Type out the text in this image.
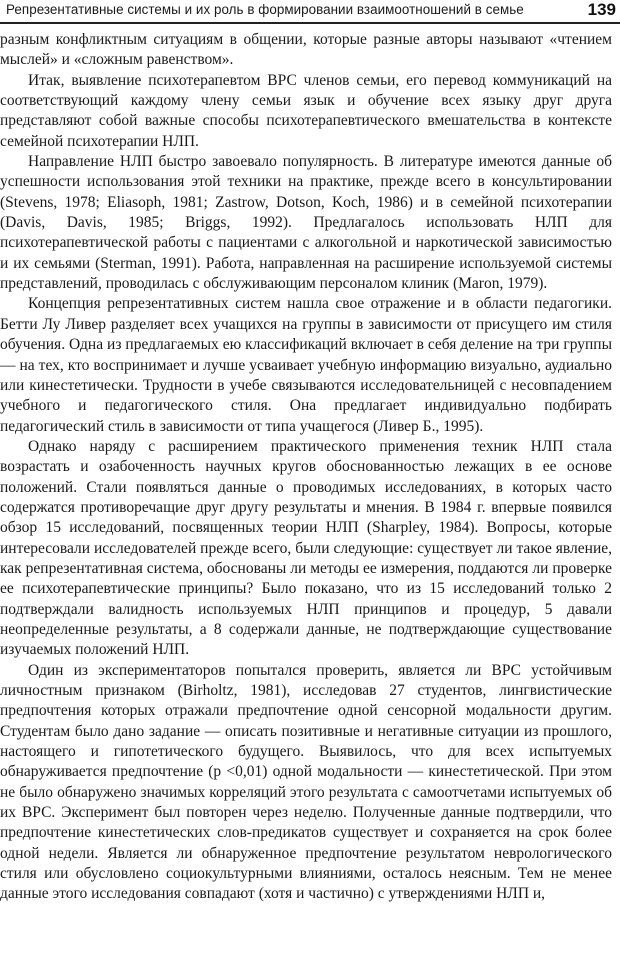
Репрезентативные системы и их роль в формировании взаимоотношений в семье	139

разным конфликтным ситуациям в общении, которые разные авторы называют «чтением мыслей» и «сложным равенством».

Итак, выявление психотерапевтом ВРС членов семьи, его перевод коммуникаций на соответствующий каждому члену семьи язык и обучение всех языку друг друга представляют собой важные способы психотерапевтического вмешательства в контексте семейной психотерапии НЛП.

Направление НЛП быстро завоевало популярность. В литературе имеются данные об успешности использования этой техники на практике, прежде всего в консультировании (Stevens, 1978; Eliasoph, 1981; Zastrow, Dotson, Koch, 1986) и в семейной психотерапии (Davis, Davis, 1985; Briggs, 1992). Предлагалось использовать НЛП для психотерапевтической работы с пациентами с алкогольной и наркотической зависимостью и их семьями (Sterman, 1991). Работа, направленная на расширение используемой системы представлений, проводилась с обслуживающим персоналом клиник (Maron, 1979).

Концепция репрезентативных систем нашла свое отражение и в области педагогики. Бетти Лу Ливер разделяет всех учащихся на группы в зависимости от присущего им стиля обучения. Одна из предлагаемых ею классификаций включает в себя деление на три группы — на тех, кто воспринимает и лучше усваивает учебную информацию визуально, аудиально или кинестетически. Трудности в учебе связываются исследовательницей с несовпадением учебного и педагогического стиля. Она предлагает индивидуально подбирать педагогический стиль в зависимости от типа учащегося (Ливер Б., 1995).

Однако наряду с расширением практического применения техник НЛП стала возрастать и озабоченность научных кругов обоснованностью лежащих в ее основе положений. Стали появляться данные о проводимых исследованиях, в которых часто содержатся противоречащие друг другу результаты и мнения. В 1984 г. впервые появился обзор 15 исследований, посвященных теории НЛП (Sharpley, 1984). Вопросы, которые интересовали исследователей прежде всего, были следующие: существует ли такое явление, как репрезентативная система, обоснованы ли методы ее измерения, поддаются ли проверке ее психотерапевтические принципы? Было показано, что из 15 исследований только 2 подтверждали валидность используемых НЛП принципов и процедур, 5 давали неопределенные результаты, а 8 содержали данные, не подтверждающие существование изучаемых положений НЛП.

Один из экспериментаторов попытался проверить, является ли ВРС устойчивым личностным признаком (Birholtz, 1981), исследовав 27 студентов, лингвистические предпочтения которых отражали предпочтение одной сенсорной модальности другим. Студентам было дано задание — описать позитивные и негативные ситуации из прошлого, настоящего и гипотетического будущего. Выявилось, что для всех испытуемых обнаруживается предпочтение (p <0,01) одной модальности — кинестетической. При этом не было обнаружено значимых корреляций этого результата с самоотчетами испытуемых об их ВРС. Эксперимент был повторен через неделю. Полученные данные подтвердили, что предпочтение кинестетических слов-предикатов существует и сохраняется на срок более одной недели. Является ли обнаруженное предпочтение результатом неврологического стиля или обусловлено социокультурными влияниями, осталось неясным. Тем не менее данные этого исследования совпадают (хотя и частично) с утверждениями НЛП и,
